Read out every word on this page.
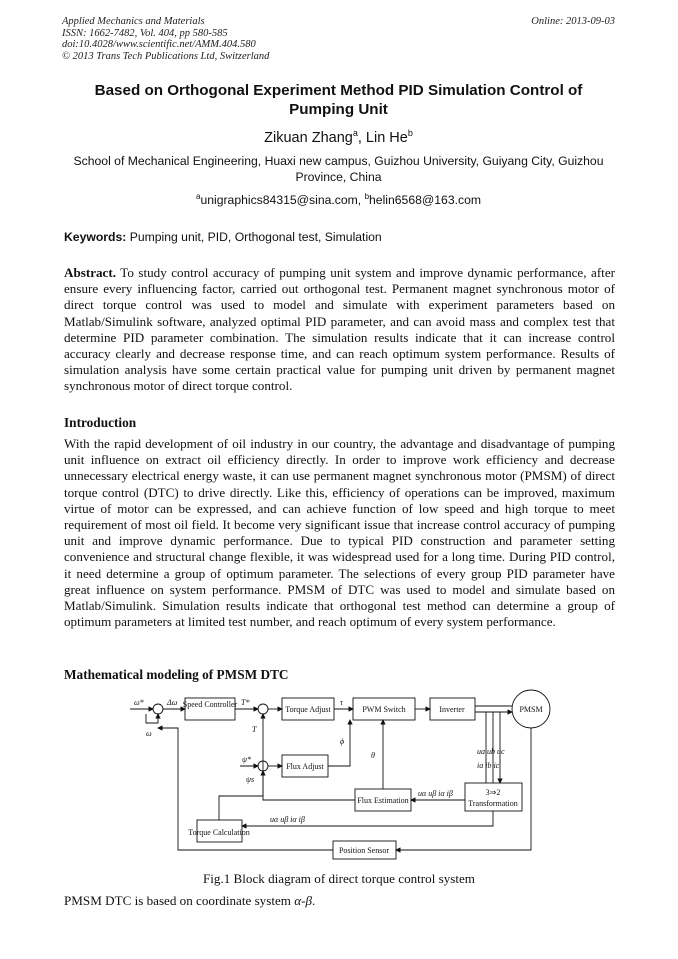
Applied Mechanics and Materials
ISSN: 1662-7482, Vol. 404, pp 580-585
doi:10.4028/www.scientific.net/AMM.404.580
© 2013 Trans Tech Publications Ltd, Switzerland
Online: 2013-09-03
Based on Orthogonal Experiment Method PID Simulation Control of Pumping Unit
Zikuan Zhang$^a$, Lin He$^b$
School of Mechanical Engineering, Huaxi new campus, Guizhou University, Guiyang City, Guizhou Province, China
$^a$unigraphics84315@sina.com, $^b$helin6568@163.com
Keywords: Pumping unit, PID, Orthogonal test, Simulation
Abstract. To study control accuracy of pumping unit system and improve dynamic performance, after ensure every influencing factor, carried out orthogonal test. Permanent magnet synchronous motor of direct torque control was used to model and simulate with experiment parameters based on Matlab/Simulink software, analyzed optimal PID parameter, and can avoid mass and complex test that determine PID parameter combination. The simulation results indicate that it can increase control accuracy clearly and decrease response time, and can reach optimum system performance. Results of simulation analysis have some certain practical value for pumping unit driven by permanent magnet synchronous motor of direct torque control.
Introduction
With the rapid development of oil industry in our country, the advantage and disadvantage of pumping unit influence on extract oil efficiency directly. In order to improve work efficiency and decrease unnecessary electrical energy waste, it can use permanent magnet synchronous motor (PMSM) of direct torque control (DTC) to drive directly. Like this, efficiency of operations can be improved, maximum virtue of motor can be expressed, and can achieve function of low speed and high torque to meet requirement of most oil field. It become very significant issue that increase control accuracy of pumping unit and improve dynamic performance. Due to typical PID construction and parameter setting convenience and structural change flexible, it was widespread used for a long time. During PID control, it need determine a group of optimum parameter. The selections of every group PID parameter have great influence on system performance. PMSM of DTC was used to model and simulate based on Matlab/Simulink. Simulation results indicate that orthogonal test method can determine a group of optimum parameters at limited test number, and reach optimum of every system performance.
Mathematical modeling of PMSM DTC
Speed Controller
Torque Adjust	PWM Switch	Inverter	PMSM
Flux Adjust
Flux Estimation
3⇒2
Transformation
Torque Calculation
Position Sensor
ω*
ω
Δω	T*
T
τ
ϕ
θ
ψ*
ψs
ua ub uc
ia ib ic
uα uβ iα iβ
uα uβ iα iβ
Fig.1 Block diagram of direct torque control system
PMSM DTC is based on coordinate system α-β.
